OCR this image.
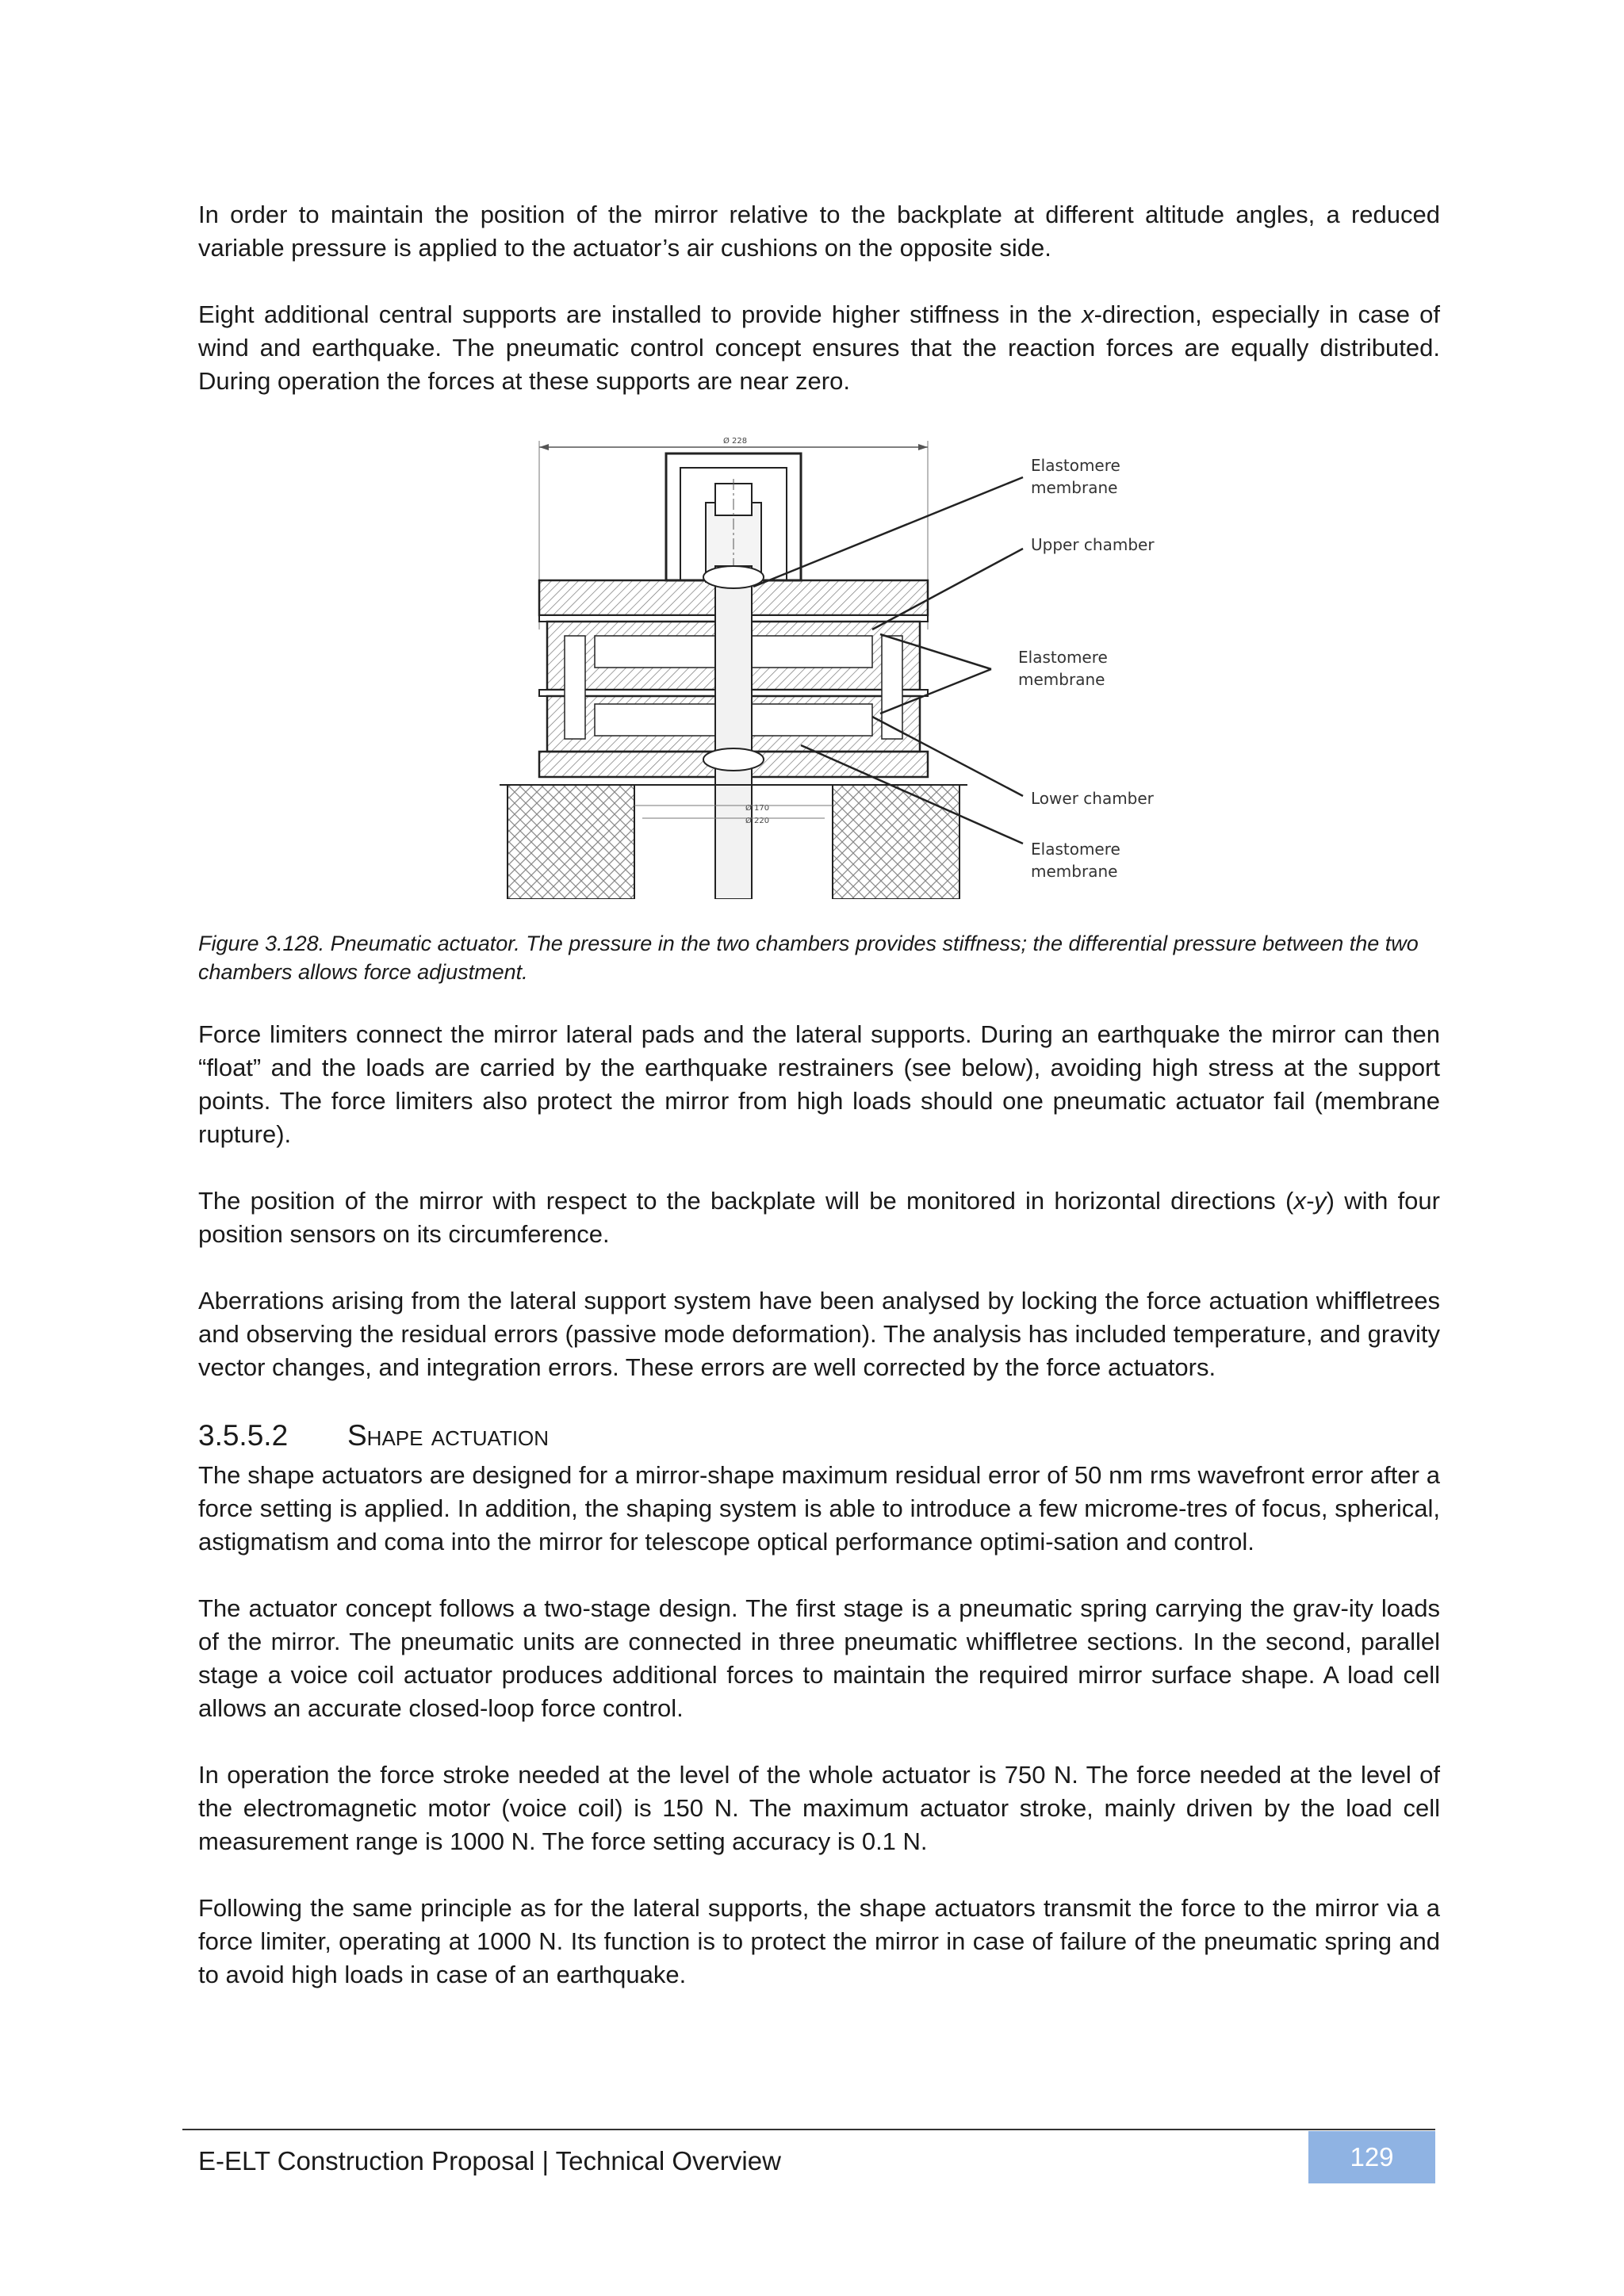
In order to maintain the position of the mirror relative to the backplate at different altitude angles, a reduced variable pressure is applied to the actuator’s air cushions on the opposite side.

Eight additional central supports are installed to provide higher stiffness in the x-direction, especially in case of wind and earthquake. The pneumatic control concept ensures that the reaction forces are equally distributed. During operation the forces at these supports are near zero.

Ø 228
Ø 170
Ø 220
Elastomere
membrane
Upper chamber
Elastomere
membrane
Lower chamber
Elastomere
membrane

Figure 3.128. Pneumatic actuator. The pressure in the two chambers provides stiffness; the differential pressure between the two chambers allows force adjustment.

Force limiters connect the mirror lateral pads and the lateral supports. During an earthquake the mirror can then “float” and the loads are carried by the earthquake restrainers (see below), avoiding high stress at the support points. The force limiters also protect the mirror from high loads should one pneumatic actuator fail (membrane rupture).

The position of the mirror with respect to the backplate will be monitored in horizontal directions (x-y) with four position sensors on its circumference.

Aberrations arising from the lateral support system have been analysed by locking the force actuation whiffletrees and observing the residual errors (passive mode deformation). The analysis has included temperature, and gravity vector changes, and integration errors. These errors are well corrected by the force actuators.

3.5.5.2 Shape actuation

The shape actuators are designed for a mirror-shape maximum residual error of 50 nm rms wavefront error after a force setting is applied. In addition, the shaping system is able to introduce a few microme-tres of focus, spherical, astigmatism and coma into the mirror for telescope optical performance optimi-sation and control.

The actuator concept follows a two-stage design. The first stage is a pneumatic spring carrying the grav-ity loads of the mirror. The pneumatic units are connected in three pneumatic whiffletree sections. In the second, parallel stage a voice coil actuator produces additional forces to maintain the required mirror surface shape. A load cell allows an accurate closed-loop force control.

In operation the force stroke needed at the level of the whole actuator is 750 N. The force needed at the level of the electromagnetic motor (voice coil) is 150 N. The maximum actuator stroke, mainly driven by the load cell measurement range is 1000 N. The force setting accuracy is 0.1 N.

Following the same principle as for the lateral supports, the shape actuators transmit the force to the mirror via a force limiter, operating at 1000 N. Its function is to protect the mirror in case of failure of the pneumatic spring and to avoid high loads in case of an earthquake.

E-ELT Construction Proposal | Technical Overview	129
